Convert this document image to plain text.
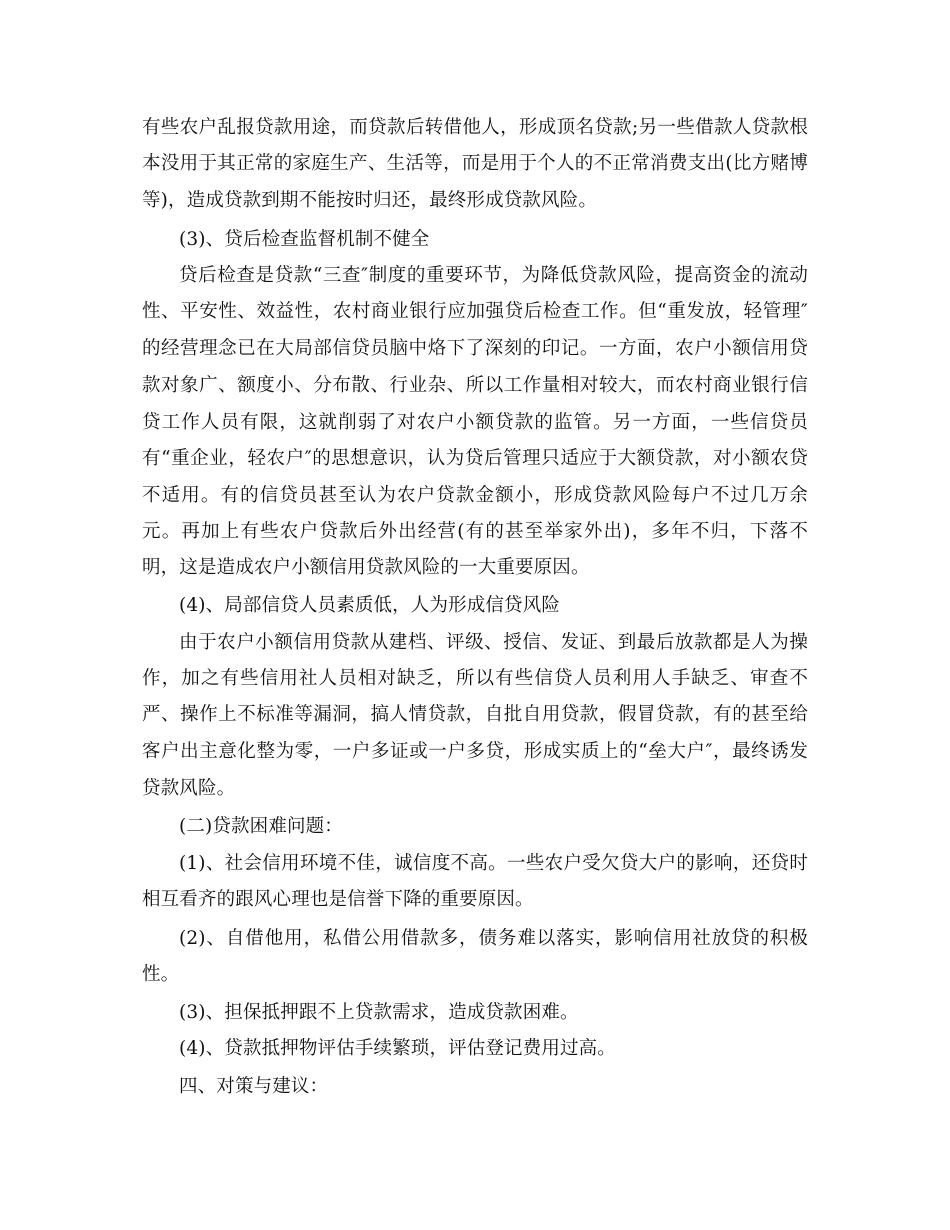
有些农户乱报贷款用途，而贷款后转借他人，形成顶名贷款;另一些借款人贷款根
本没用于其正常的家庭生产、生活等，而是用于个人的不正常消费支出(比方赌博
等)，造成贷款到期不能按时归还，最终形成贷款风险。
(3)、贷后检查监督机制不健全
贷后检查是贷款“三查″制度的重要环节，为降低贷款风险，提高资金的流动
性、平安性、效益性，农村商业银行应加强贷后检查工作。但“重发放，轻管理″
的经营理念已在大局部信贷员脑中烙下了深刻的印记。一方面，农户小额信用贷
款对象广、额度小、分布散、行业杂、所以工作量相对较大，而农村商业银行信
贷工作人员有限，这就削弱了对农户小额贷款的监管。另一方面，一些信贷员
有“重企业，轻农户″的思想意识，认为贷后管理只适应于大额贷款，对小额农贷
不适用。有的信贷员甚至认为农户贷款金额小，形成贷款风险每户不过几万余
元。再加上有些农户贷款后外出经营(有的甚至举家外出)，多年不归，下落不
明，这是造成农户小额信用贷款风险的一大重要原因。
(4)、局部信贷人员素质低，人为形成信贷风险
由于农户小额信用贷款从建档、评级、授信、发证、到最后放款都是人为操
作，加之有些信用社人员相对缺乏，所以有些信贷人员利用人手缺乏、审查不
严、操作上不标准等漏洞，搞人情贷款，自批自用贷款，假冒贷款，有的甚至给
客户出主意化整为零，一户多证或一户多贷，形成实质上的“垒大户″，最终诱发
贷款风险。
(二)贷款困难问题：
(1)、社会信用环境不佳，诚信度不高。一些农户受欠贷大户的影响，还贷时
相互看齐的跟风心理也是信誉下降的重要原因。
(2)、自借他用，私借公用借款多，债务难以落实，影响信用社放贷的积极
性。
(3)、担保抵押跟不上贷款需求，造成贷款困难。
(4)、贷款抵押物评估手续繁琐，评估登记费用过高。
四、对策与建议：
